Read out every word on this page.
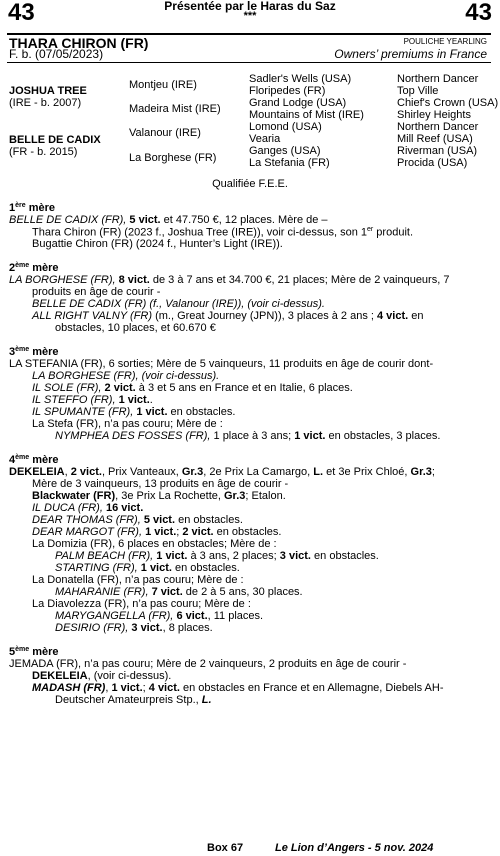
43	43
Présentée par le Haras du Saz
***
THARA CHIRON (FR)
F. b. (07/05/2023)
POULICHE YEARLING
Owners’ premiums in France
JOSHUA TREE
(IRE - b. 2007)
BELLE DE CADIX
(FR - b. 2015)
Montjeu (IRE)
Madeira Mist (IRE)
Valanour (IRE)
La Borghese (FR)
Sadler's Wells (USA)
Floripedes (FR)
Grand Lodge (USA)
Mountains of Mist (IRE)
Lomond (USA)
Vearia
Ganges (USA)
La Stefania (FR)
Northern Dancer
Top Ville
Chief's Crown (USA)
Shirley Heights
Northern Dancer
Mill Reef (USA)
Riverman (USA)
Procida (USA)
Qualifiée F.E.E.
1ère mère
BELLE DE CADIX (FR), 5 vict. et 47.750 €, 12 places. Mère de –
Thara Chiron (FR) (2023 f., Joshua Tree (IRE)), voir ci-dessus, son 1er produit.
Bugattie Chiron (FR) (2024 f., Hunter’s Light (IRE)).
2ème mère
LA BORGHESE (FR), 8 vict. de 3 à 7 ans et 34.700 €, 21 places; Mère de 2 vainqueurs, 7
produits en âge de courir -
BELLE DE CADIX (FR) (f., Valanour (IRE)), (voir ci-dessus).
ALL RIGHT VALNY (FR) (m., Great Journey (JPN)), 3 places à 2 ans ; 4 vict. en
obstacles, 10 places, et 60.670 €
3ème mère
LA STEFANIA (FR), 6 sorties; Mère de 5 vainqueurs, 11 produits en âge de courir dont-
LA BORGHESE (FR), (voir ci-dessus).
IL SOLE (FR), 2 vict. à 3 et 5 ans en France et en Italie, 6 places.
IL STEFFO (FR), 1 vict..
IL SPUMANTE (FR), 1 vict. en obstacles.
La Stefa (FR), n’a pas couru; Mère de :
NYMPHEA DES FOSSES (FR), 1 place à 3 ans; 1 vict. en obstacles, 3 places.
4ème mère
DEKELEIA, 2 vict., Prix Vanteaux, Gr.3, 2e Prix La Camargo, L. et 3e Prix Chloé, Gr.3;
Mère de 3 vainqueurs, 13 produits en âge de courir -
Blackwater (FR), 3e Prix La Rochette, Gr.3; Etalon.
IL DUCA (FR), 16 vict.
DEAR THOMAS (FR), 5 vict. en obstacles.
DEAR MARGOT (FR), 1 vict.; 2 vict. en obstacles.
La Domizia (FR), 6 places en obstacles; Mère de :
PALM BEACH (FR), 1 vict. à 3 ans, 2 places; 3 vict. en obstacles.
STARTING (FR), 1 vict. en obstacles.
La Donatella (FR), n’a pas couru; Mère de :
MAHARANIE (FR), 7 vict. de 2 à 5 ans, 30 places.
La Diavolezza (FR), n’a pas couru; Mère de :
MARYGANGELLA (FR), 6 vict., 11 places.
DESIRIO (FR), 3 vict., 8 places.
5ème mère
JEMADA (FR), n’a pas couru; Mère de 2 vainqueurs, 2 produits en âge de courir -
DEKELEIA, (voir ci-dessus).
MADASH (FR), 1 vict.; 4 vict. en obstacles en France et en Allemagne, Diebels AH-
Deutscher Amateurpreis Stp., L.
Box 67	Le Lion d’Angers - 5 nov. 2024
